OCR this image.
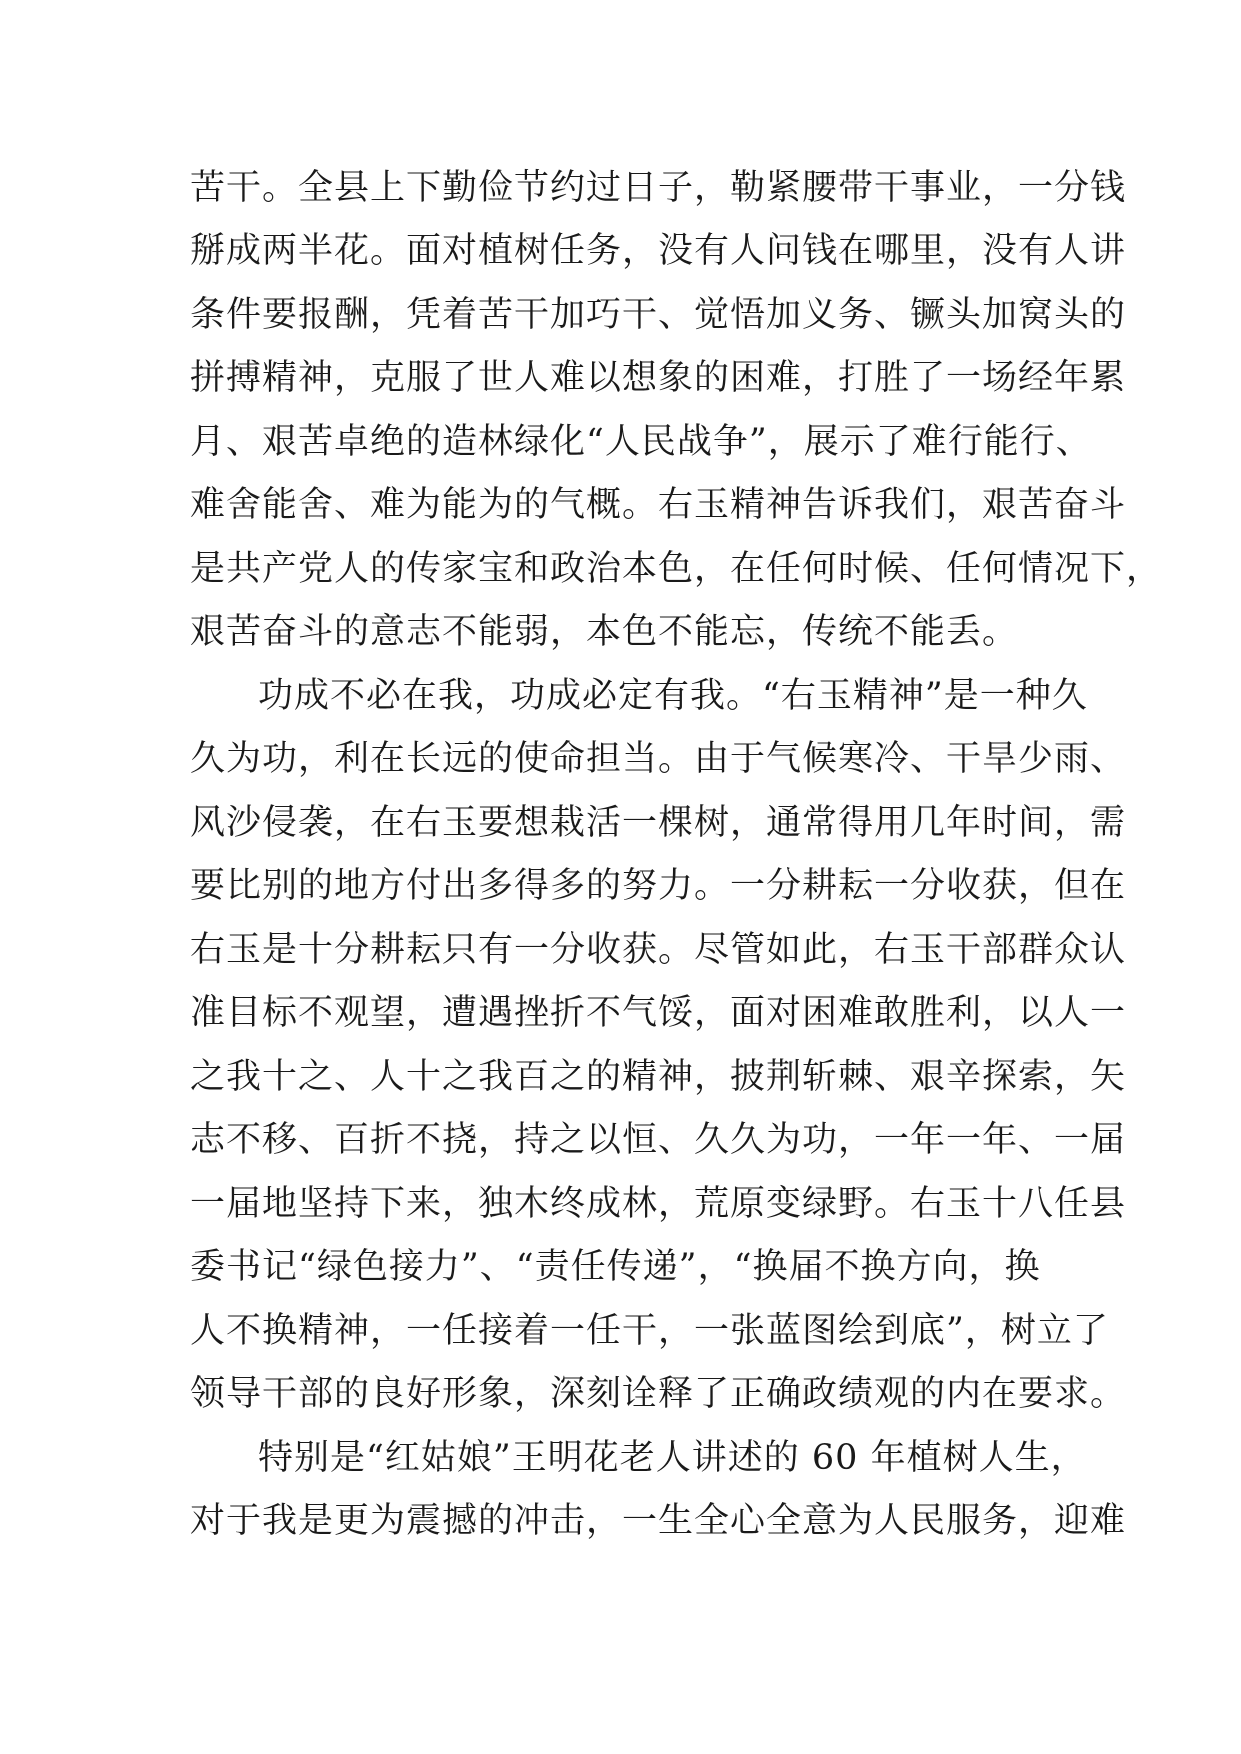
苦干。全县上下勤俭节约过日子，勒紧腰带干事业，一分钱
掰成两半花。面对植树任务，没有人问钱在哪里，没有人讲
条件要报酬，凭着苦干加巧干、觉悟加义务、镢头加窝头的
拼搏精神，克服了世人难以想象的困难，打胜了一场经年累
月、艰苦卓绝的造林绿化“人民战争”，展示了难行能行、
难舍能舍、难为能为的气概。右玉精神告诉我们，艰苦奋斗
是共产党人的传家宝和政治本色，在任何时候、任何情况下，
艰苦奋斗的意志不能弱，本色不能忘，传统不能丢。
功成不必在我，功成必定有我。“右玉精神”是一种久
久为功，利在长远的使命担当。由于气候寒冷、干旱少雨、
风沙侵袭，在右玉要想栽活一棵树，通常得用几年时间，需
要比别的地方付出多得多的努力。一分耕耘一分收获，但在
右玉是十分耕耘只有一分收获。尽管如此，右玉干部群众认
准目标不观望，遭遇挫折不气馁，面对困难敢胜利，以人一
之我十之、人十之我百之的精神，披荆斩棘、艰辛探索，矢
志不移、百折不挠，持之以恒、久久为功，一年一年、一届
一届地坚持下来，独木终成林，荒原变绿野。右玉十八任县
委书记“绿色接力”、“责任传递”，“换届不换方向，换
人不换精神，一任接着一任干，一张蓝图绘到底”，树立了
领导干部的良好形象，深刻诠释了正确政绩观的内在要求。
特别是“红姑娘”王明花老人讲述的 60 年植树人生，
对于我是更为震撼的冲击，一生全心全意为人民服务，迎难
